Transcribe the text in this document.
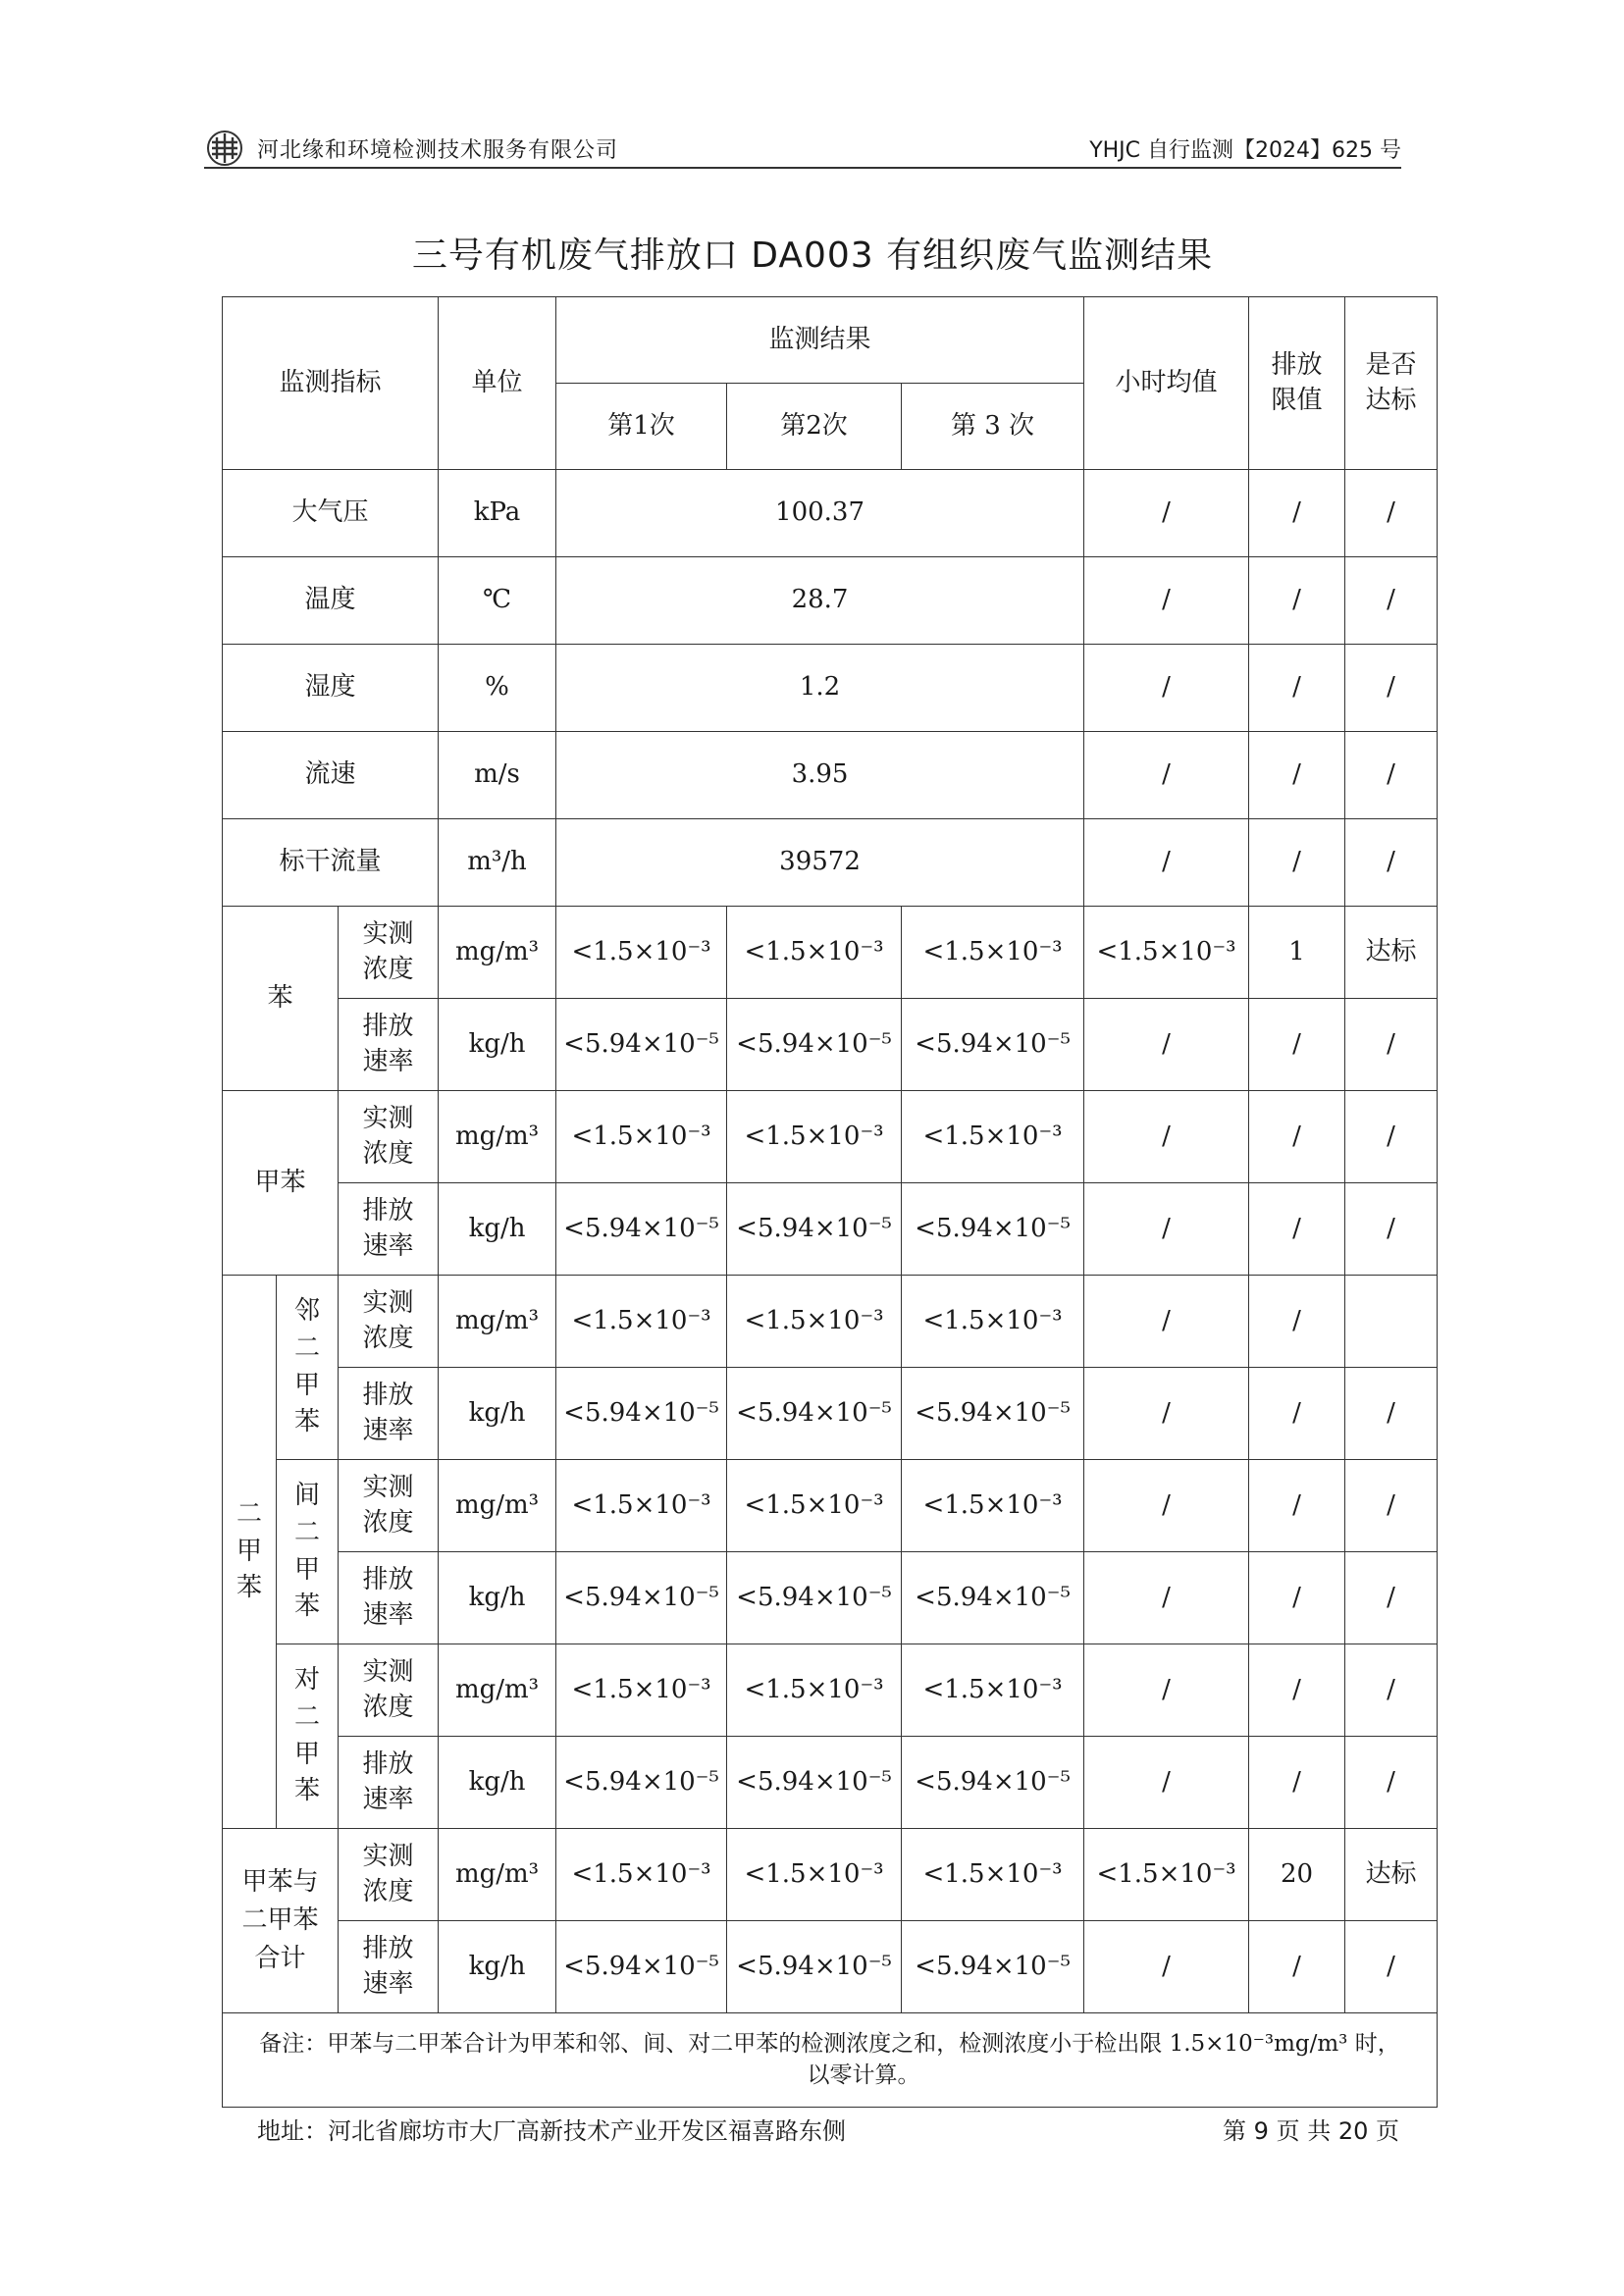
河北缘和环境检测技术服务有限公司	YHJC 自行监测【2024】625 号
三号有机废气排放口 DA003 有组织废气监测结果
监测指标			单位	监测结果			小时均值	排放限值	是否达标

				第1次	第2次	第 3 次			
大气压			kPa	100.37			/	/	/
温度			℃	28.7			/	/	/
湿度			%	1.2			/	/	/
流速			m/s	3.95			/	/	/
标干流量			m³/h	39572			/	/	/
苯		实测浓度	mg/m³	<1.5×10⁻³	<1.5×10⁻³	<1.5×10⁻³	<1.5×10⁻³	1	达标

		排放速率	kg/h	<5.94×10⁻⁵	<5.94×10⁻⁵	<5.94×10⁻⁵	/	/	/
甲苯		实测浓度	mg/m³	<1.5×10⁻³	<1.5×10⁻³	<1.5×10⁻³	/	/	/

		排放速率	kg/h	<5.94×10⁻⁵	<5.94×10⁻⁵	<5.94×10⁻⁵	/	/	/

二甲苯	邻二甲苯	实测浓度	mg/m³	<1.5×10⁻³	<1.5×10⁻³	<1.5×10⁻³	/	/	

		排放速率	kg/h	<5.94×10⁻⁵	<5.94×10⁻⁵	<5.94×10⁻⁵	/	/	/

	间二甲苯	实测浓度	mg/m³	<1.5×10⁻³	<1.5×10⁻³	<1.5×10⁻³	/	/	/

		排放速率	kg/h	<5.94×10⁻⁵	<5.94×10⁻⁵	<5.94×10⁻⁵	/	/	/

	对二甲苯	实测浓度	mg/m³	<1.5×10⁻³	<1.5×10⁻³	<1.5×10⁻³	/	/	/

		排放速率	kg/h	<5.94×10⁻⁵	<5.94×10⁻⁵	<5.94×10⁻⁵	/	/	/

甲苯与二甲苯合计		实测浓度	mg/m³	<1.5×10⁻³	<1.5×10⁻³	<1.5×10⁻³	<1.5×10⁻³	20	达标

		排放速率	kg/h	<5.94×10⁻⁵	<5.94×10⁻⁵	<5.94×10⁻⁵	/	/	/
备注：甲苯与二甲苯合计为甲苯和邻、间、对二甲苯的检测浓度之和，检测浓度小于检出限 1.5×10⁻³mg/m³ 时，
以零计算。									
地址：河北省廊坊市大厂高新技术产业开发区福喜路东侧	第 9 页 共 20 页
